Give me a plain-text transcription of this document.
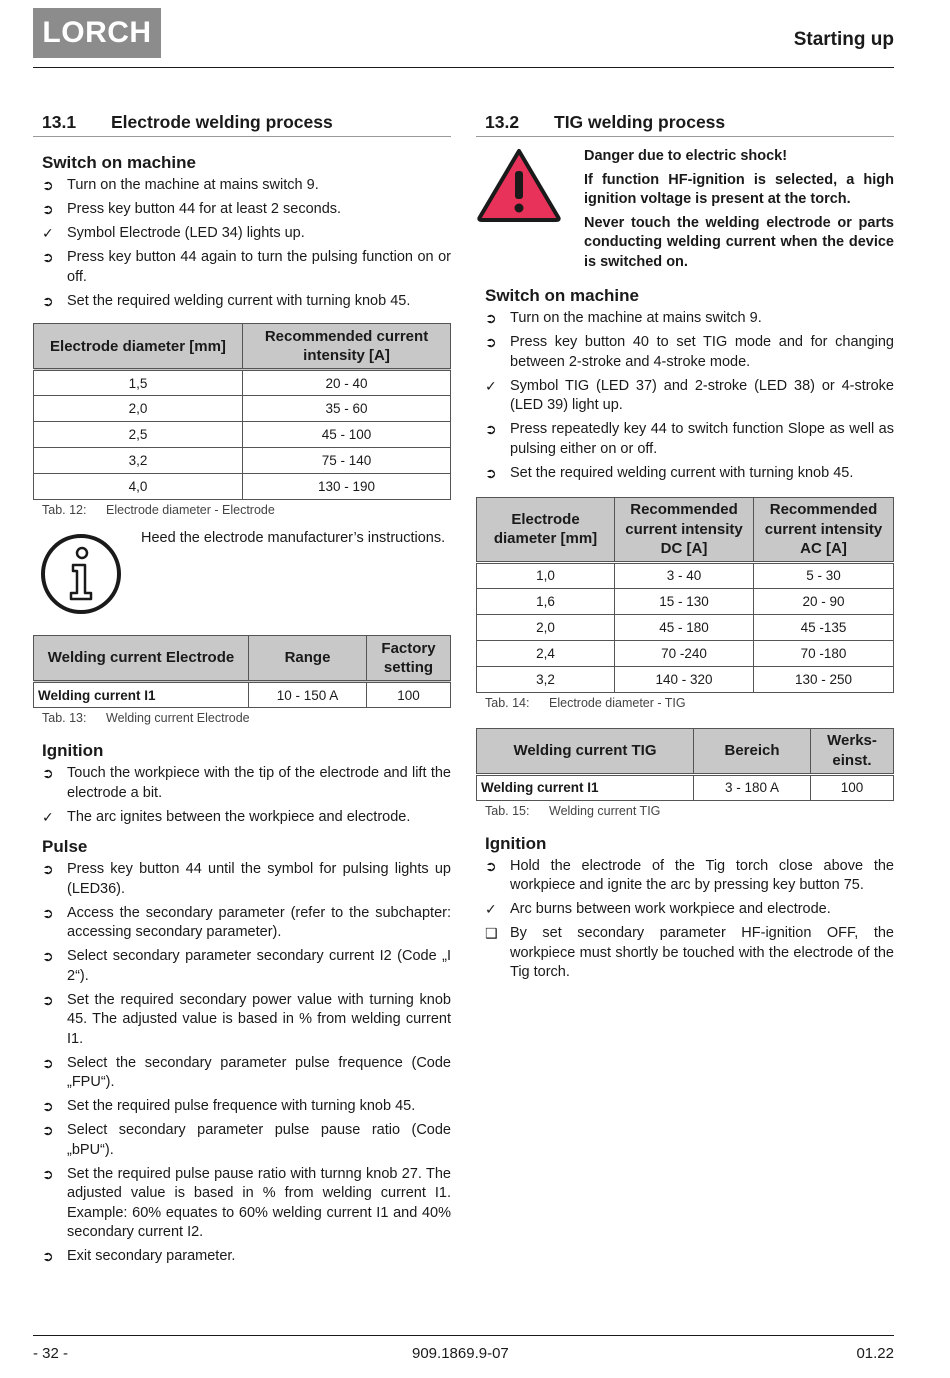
LORCH	Starting up
13.1	Electrode welding process
Switch on machine
➲ Turn on the machine at mains switch 9.
➲ Press key button 44 for at least 2 seconds.
✓ Symbol Electrode (LED 34) lights up.
➲ Press key button 44 again to turn the pulsing function on or off.
➲ Set the required welding current with turning knob 45.
Electrode diameter [mm]	Recommended current intensity [A]
1,5	20 - 40
2,0	35 - 60
2,5	45 - 100
3,2	75 - 140
4,0	130 - 190
Tab. 12:	Electrode diameter - Electrode
Heed the electrode manufacturer’s instructions.
Welding current Electrode	Range	Factory setting
Welding current I1	10 - 150 A	100
Tab. 13:	Welding current Electrode
Ignition
➲ Touch the workpiece with the tip of the electrode and lift the electrode a bit.
✓ The arc ignites between the workpiece and electrode.
Pulse
➲ Press key button 44 until the symbol for pulsing lights up (LED36).
➲ Access the secondary parameter (refer to the subchapter: accessing secondary parameter).
➲ Select secondary parameter secondary current I2 (Code „I 2“).
➲ Set the required secondary power value with turning knob 45. The adjusted value is based in % from welding current I1.
➲ Select the secondary parameter pulse frequence (Code „FPU“).
➲ Set the required pulse frequence with turning knob 45.
➲ Select secondary parameter pulse pause ratio (Code „bPU“).
➲ Set the required pulse pause ratio with turnng knob 27. The adjusted value is based in % from welding current I1. Example: 60% equates to 60% welding current I1 and 40% secondary current I2.
➲ Exit secondary parameter.
13.2	TIG welding process

Danger due to electric shock!

If function HF-ignition is selected, a high ignition voltage is present at the torch.

Never touch the welding electrode or parts conducting welding current when the device is switched on.

Switch on machine
➲ Turn on the machine at mains switch 9.
➲ Press key button 40 to set TIG mode and for changing between 2-stroke and 4-stroke mode.
✓ Symbol TIG (LED 37) and 2-stroke (LED 38) or 4-stroke (LED 39) light up.
➲ Press repeatedly key 44 to switch function Slope as well as pulsing either on or off.
➲ Set the required welding current with turning knob 45.
Electrode diameter [mm]	Recommended current intensity DC [A]	Recommended current intensity AC [A]
1,0	3 - 40	5 - 30
1,6	15 - 130	20 - 90
2,0	45 - 180	45 -135
2,4	70 -240	70 -180
3,2	140 - 320	130 - 250
Tab. 14:	Electrode diameter - TIG
Welding current TIG	Bereich	Werks-einst.
Welding current I1	3 - 180 A	100
Tab. 15:	Welding current TIG
Ignition
➲ Hold the electrode of the Tig torch close above the workpiece and ignite the arc by pressing key button 75.
✓ Arc burns between work workpiece and electrode.
❑ By set secondary parameter HF-ignition OFF, the workpiece must shortly be touched with the electrode of the Tig torch.
- 32 -	909.1869.9-07	01.22
